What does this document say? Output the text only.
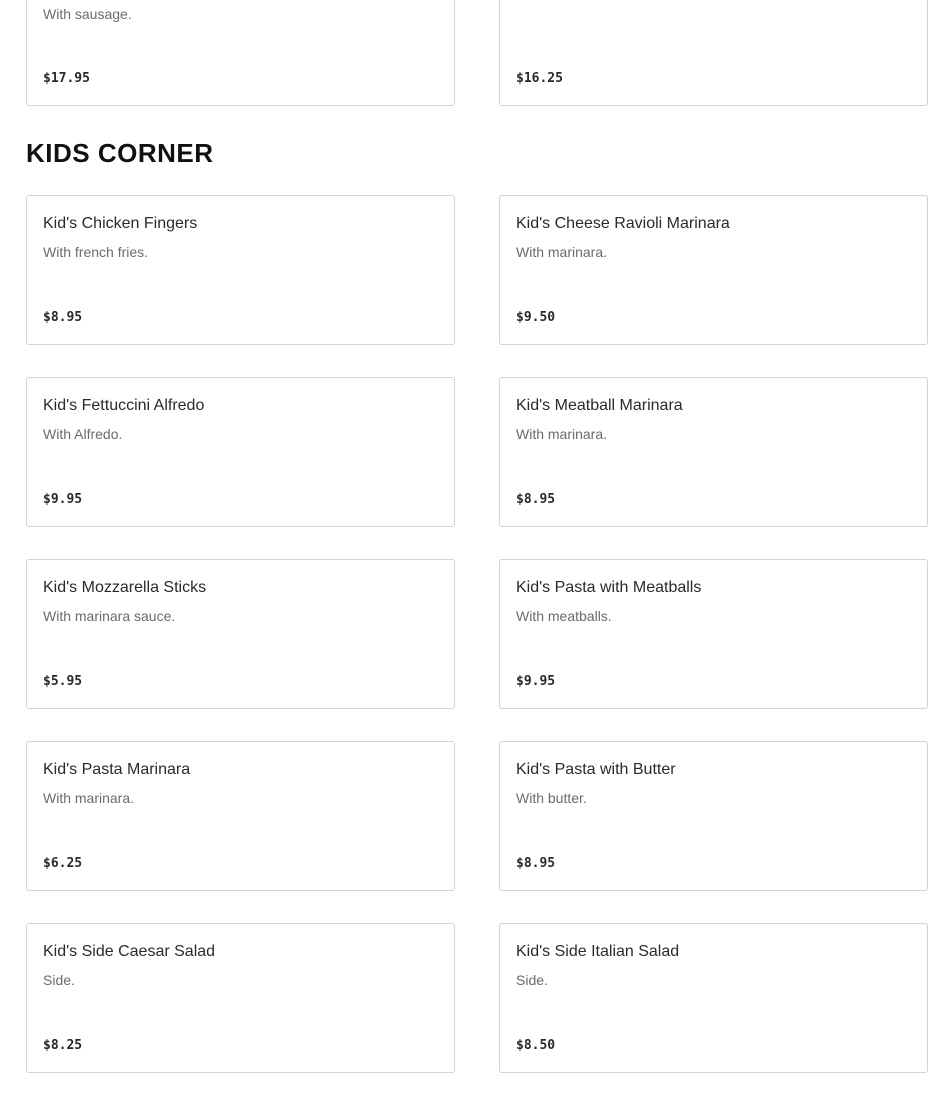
With sausage.
$17.95	$16.25
KIDS CORNER
Kid's Chicken Fingers
With french fries.
$8.95
Kid's Cheese Ravioli Marinara
With marinara.
$9.50
Kid's Fettuccini Alfredo
With Alfredo.
$9.95
Kid's Meatball Marinara
With marinara.
$8.95
Kid's Mozzarella Sticks
With marinara sauce.
$5.95
Kid's Pasta with Meatballs
With meatballs.
$9.95
Kid's Pasta Marinara
With marinara.
$6.25
Kid's Pasta with Butter
With butter.
$8.95
Kid's Side Caesar Salad
Side.
$8.25
Kid's Side Italian Salad
Side.
$8.50
